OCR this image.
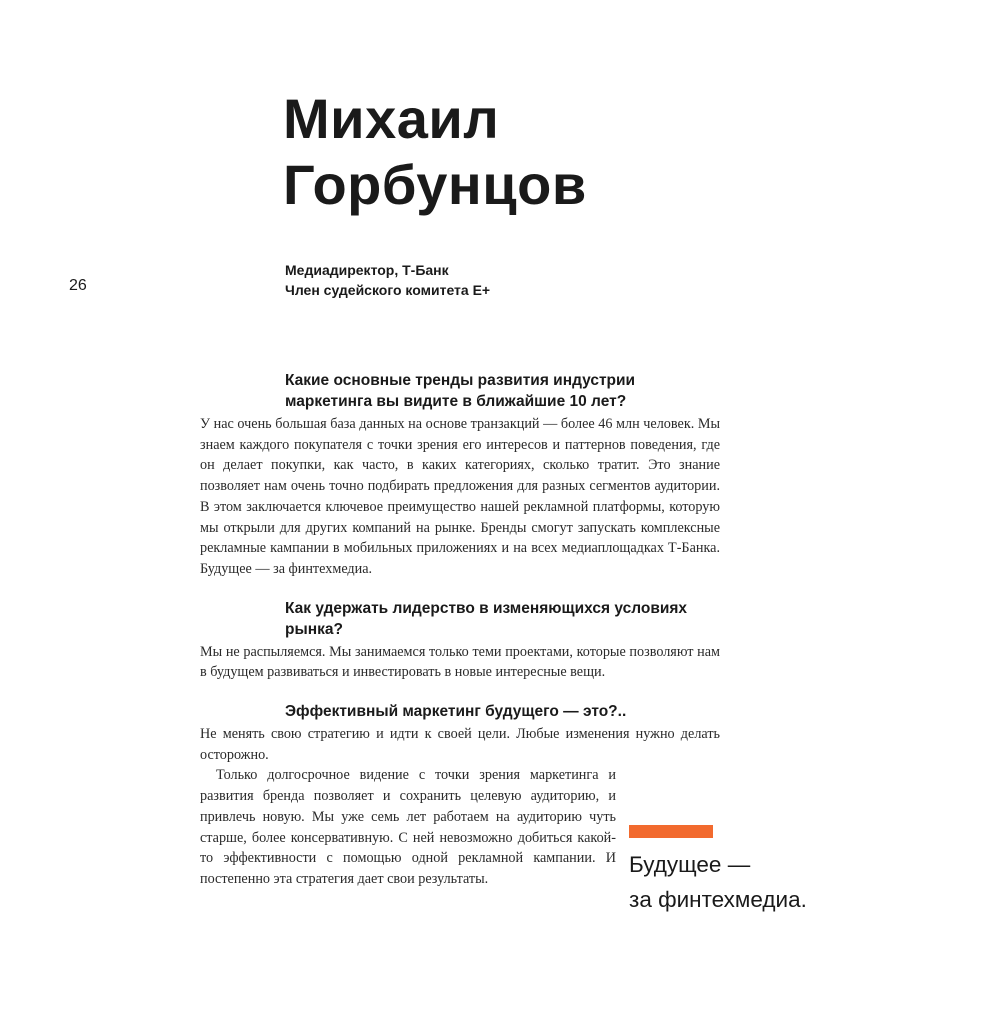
26
Михаил
Горбунцов
Медиадиректор, Т-Банк
Член судейского комитета E+
Какие основные тренды развития индустрии маркетинга вы видите в ближайшие 10 лет?

У нас очень большая база данных на основе транзакций — более 46 млн человек. Мы знаем каждого покупателя с точки зрения его интересов и паттернов поведения, где он делает покупки, как часто, в каких категориях, сколько тратит. Это знание позволяет нам очень точно подбирать предложения для разных сегментов аудитории. В этом заключается ключевое преимущество нашей рекламной платформы, которую мы открыли для других компаний на рынке. Бренды смогут запускать комплексные рекламные кампании в мобильных приложениях и на всех медиаплощадках Т-Банка. Будущее — за финтехмедиа.

Как удержать лидерство в изменяющихся условиях рынка?

Мы не распыляемся. Мы занимаемся только теми проектами, которые позволяют нам в будущем развиваться и инвестировать в новые интересные вещи.

Эффективный маркетинг будущего — это?..

Не менять свою стратегию и идти к своей цели. Любые изменения нужно делать осторожно.

Только долгосрочное видение с точки зрения маркетинга и развития бренда позволяет и сохранить целевую аудиторию, и привлечь новую. Мы уже семь лет работаем на аудиторию чуть старше, более консервативную. С ней невозможно добиться какой-то эффективности с помощью одной рекламной кампании. И постепенно эта стратегия дает свои результаты.

Будущее —
за финтехмедиа.
